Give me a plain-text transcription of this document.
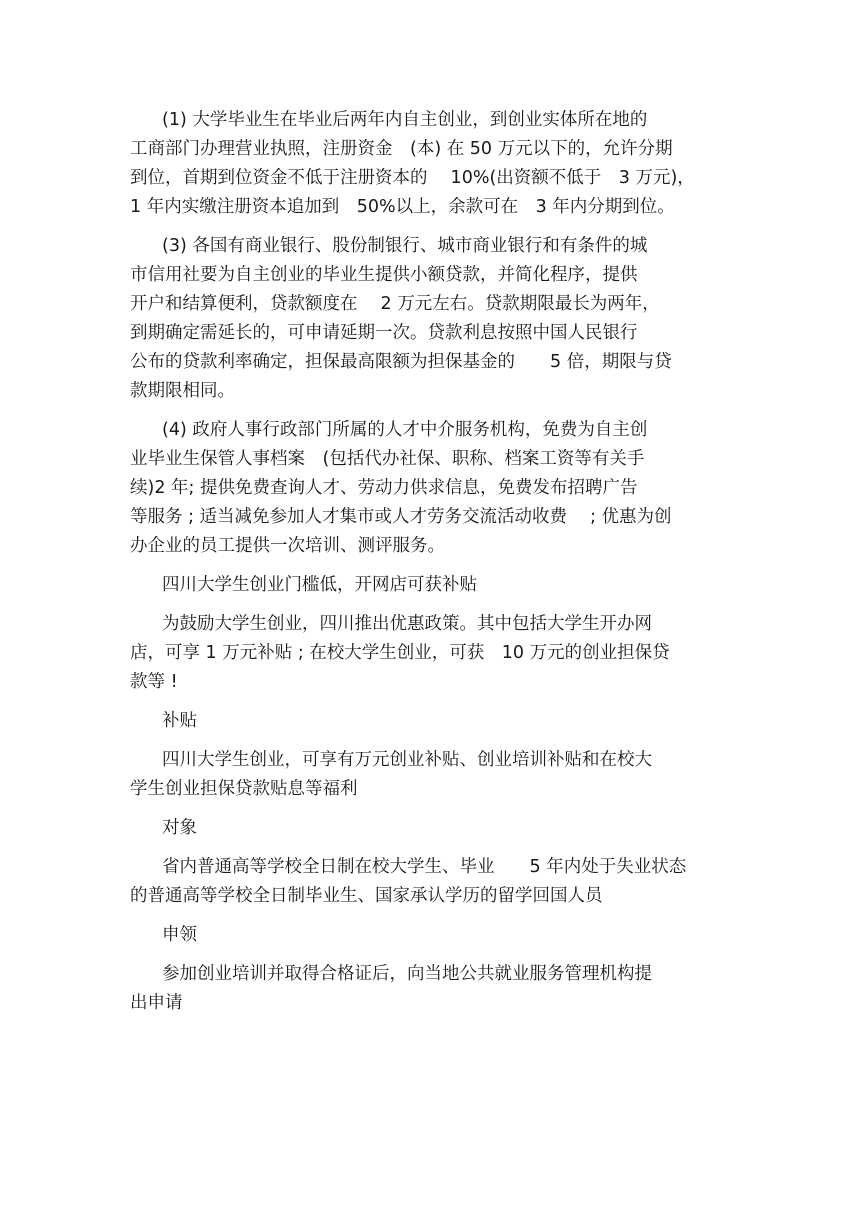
(1) 大学毕业生在毕业后两年内自主创业，到创业实体所在地的
工商部门办理营业执照，注册资金　(本) 在 50 万元以下的，允许分期
到位，首期到位资金不低于注册资本的　 10%(出资额不低于　3 万元)，
1 年内实缴注册资本追加到　50%以上，余款可在　3 年内分期到位。
(3) 各国有商业银行、股份制银行、城市商业银行和有条件的城
市信用社要为自主创业的毕业生提供小额贷款，并简化程序，提供
开户和结算便利，贷款额度在　 2 万元左右。贷款期限最长为两年，
到期确定需延长的，可申请延期一次。贷款利息按照中国人民银行
公布的贷款利率确定，担保最高限额为担保基金的　　5 倍，期限与贷
款期限相同。
(4) 政府人事行政部门所属的人才中介服务机构，免费为自主创
业毕业生保管人事档案　(包括代办社保、职称、档案工资等有关手
续)2 年; 提供免费查询人才、劳动力供求信息，免费发布招聘广告
等服务 ; 适当减免参加人才集市或人才劳务交流活动收费　 ; 优惠为创
办企业的员工提供一次培训、测评服务。
四川大学生创业门槛低，开网店可获补贴
为鼓励大学生创业，四川推出优惠政策。其中包括大学生开办网
店，可享 1 万元补贴 ; 在校大学生创业，可获　10 万元的创业担保贷
款等 !
补贴
四川大学生创业，可享有万元创业补贴、创业培训补贴和在校大
学生创业担保贷款贴息等福利
对象
省内普通高等学校全日制在校大学生、毕业　　5 年内处于失业状态
的普通高等学校全日制毕业生、国家承认学历的留学回国人员
申领
参加创业培训并取得合格证后，向当地公共就业服务管理机构提
出申请
